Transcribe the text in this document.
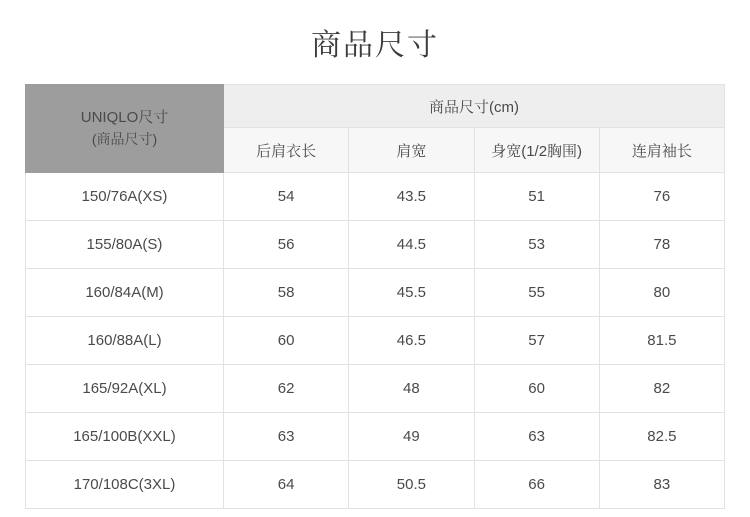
商品尺寸
UNIQLO尺寸
(商品尺寸)	商品尺寸(cm)			
	后肩衣长	肩宽	身宽(1/2胸围)	连肩袖长
150/76A(XS)	54	43.5	51	76
155/80A(S)	56	44.5	53	78
160/84A(M)	58	45.5	55	80
160/88A(L)	60	46.5	57	81.5
165/92A(XL)	62	48	60	82
165/100B(XXL)	63	49	63	82.5
170/108C(3XL)	64	50.5	66	83
